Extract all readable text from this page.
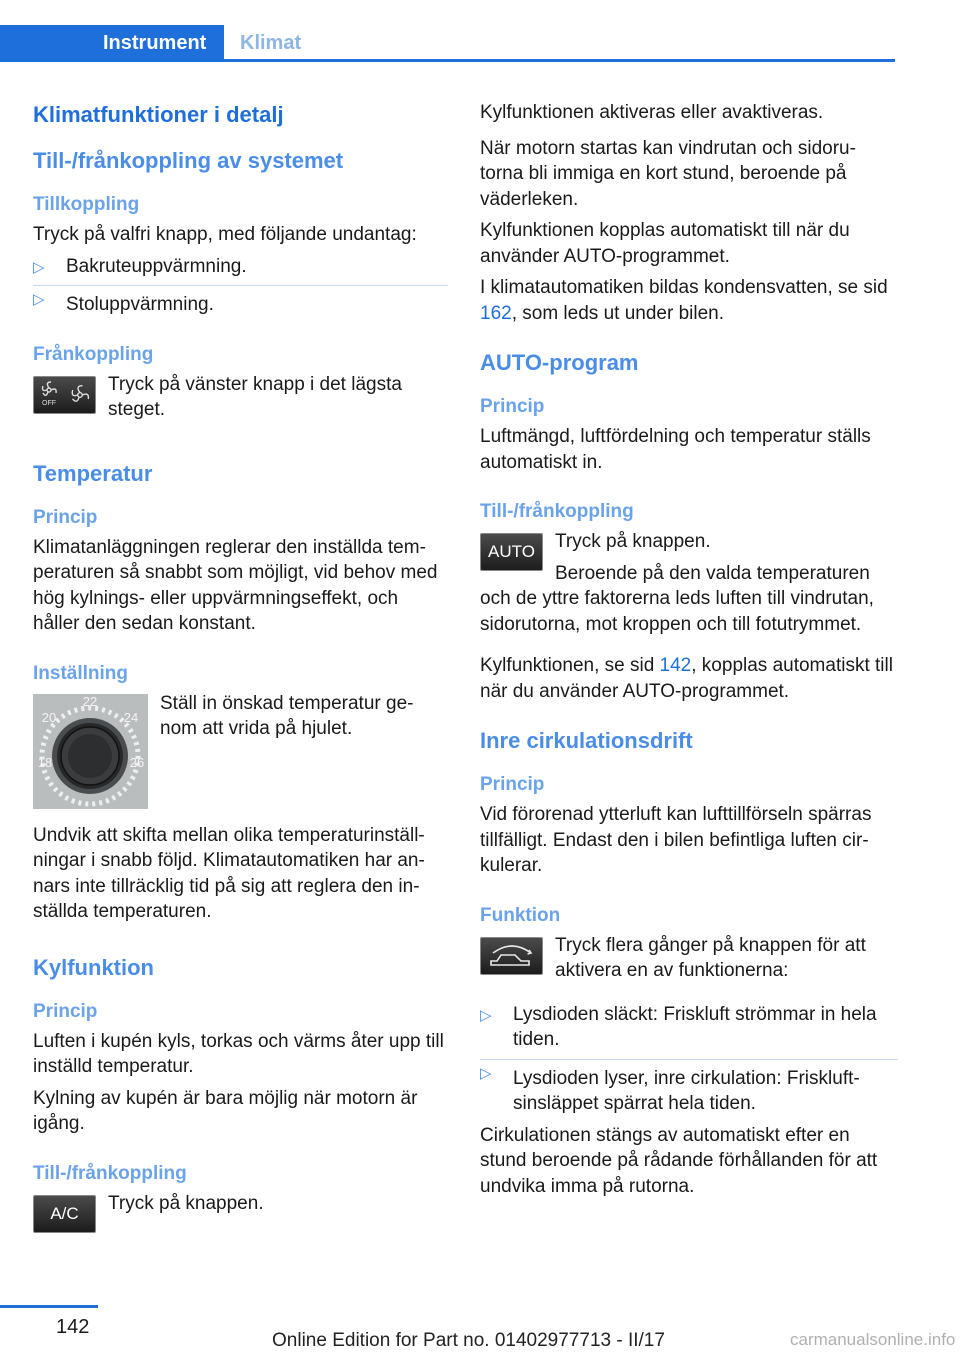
Instrument	Klimat
Klimatfunktioner i detalj
Till-/frånkoppling av systemet
Tillkoppling

Tryck på valfri knapp, med följande undantag:

▷ Bakruteuppvärmning.
▷ Stoluppvärmning.
Frånkoppling
OFF

Tryck på vänster knapp i det lägsta steget.

Temperatur
Princip

Klimatanläggningen reglerar den inställda tem-peraturen så snabbt som möjligt, vid behov med hög kylnings- eller uppvärmningseffekt, och håller den sedan konstant.

Inställning
18
20
22
24
26

Ställ in önskad temperatur ge-nom att vrida på hjulet.

Undvik att skifta mellan olika temperaturinställ-ningar i snabb följd. Klimatautomatiken har an-nars inte tillräcklig tid på sig att reglera den in-ställda temperaturen.

Kylfunktion
Princip

Luften i kupén kyls, torkas och värms åter upp till inställd temperatur.

Kylning av kupén är bara möjlig när motorn är igång.

Till-/frånkoppling
A/C Tryck på knappen.

Kylfunktionen aktiveras eller avaktiveras.

När motorn startas kan vindrutan och sidoru-torna bli immiga en kort stund, beroende på väderleken.

Kylfunktionen kopplas automatiskt till när du använder AUTO-programmet.

I klimatautomatiken bildas kondensvatten, se sid 162, som leds ut under bilen.

AUTO-program
Princip

Luftmängd, luftfördelning och temperatur ställs automatiskt in.

Till-/frånkoppling
AUTO	Tryck på knappen.

Beroende på den valda temperaturen och de yttre faktorerna leds luften till vindrutan, sidorutorna, mot kroppen och till fotutrymmet.

Kylfunktionen, se sid 142, kopplas automatiskt till när du använder AUTO-programmet.

Inre cirkulationsdrift
Princip

Vid förorenad ytterluft kan lufttillförseln spärras tillfälligt. Endast den i bilen befintliga luften cir-kulerar.

Funktion

Tryck flera gånger på knappen för att aktivera en av funktionerna:

▷ Lysdioden släckt: Friskluft strömmar in hela tiden.
▷ Lysdioden lyser, inre cirkulation: Friskluft-sinsläppet spärrat hela tiden.

Cirkulationen stängs av automatiskt efter en stund beroende på rådande förhållanden för att undvika imma på rutorna.

142
Online Edition for Part no. 01402977713 - II/17	carmanualsonline.info
